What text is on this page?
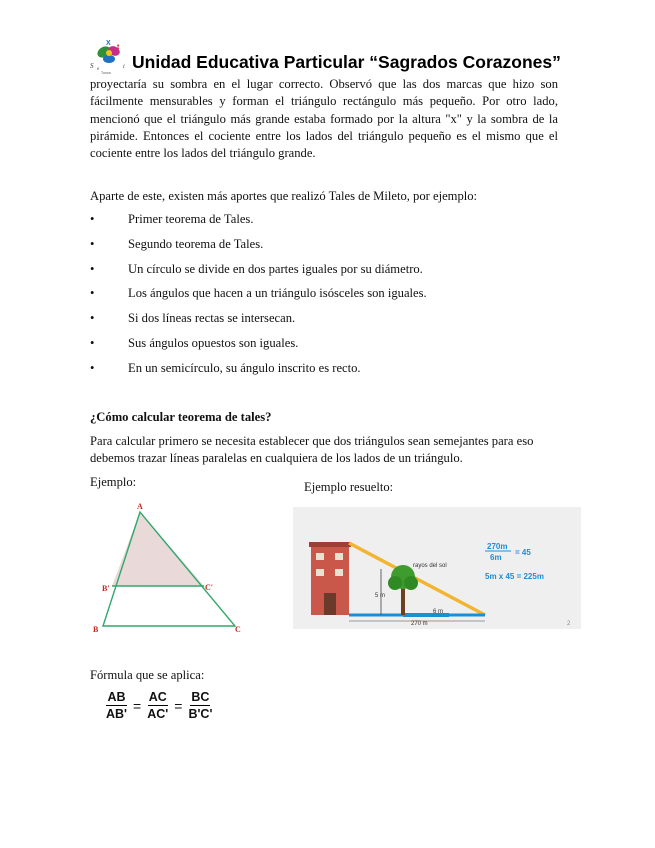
X
t
S e	i
Tunca
Unidad Educativa Particular “Sagrados Corazones”

proyectaría su sombra en el lugar correcto. Observó que las dos marcas que hizo son fácilmente mensurables y forman el triángulo rectángulo más pequeño. Por otro lado, mencionó que el triángulo más grande estaba formado por la altura "x" y la sombra de la pirámide. Entonces el cociente entre los lados del triángulo pequeño es el mismo que el cociente entre los lados del triángulo grande.

Aparte de este, existen más aportes que realizó Tales de Mileto, por ejemplo:

•	Primer teorema de Tales.
•	Segundo teorema de Tales.
•	Un círculo se divide en dos partes iguales por su diámetro.
•	Los ángulos que hacen a un triángulo isósceles son iguales.
•	Si dos líneas rectas se intersecan.
•	Sus ángulos opuestos son iguales.
•	En un semicírculo, su ángulo inscrito es recto.
¿Cómo calcular teorema de tales?

Para calcular primero se necesita establecer que dos triángulos sean semejantes para eso debemos trazar líneas paralelas en cualquiera de los lados de un triángulo.

Ejemplo:	Ejemplo resuelto:
A
B'	C'
B	C
rayos del sol
5 m
6 m
270 m
270m
6m
= 45
5m x 45 = 225m
2
Fórmula que se aplica:
$\frac{AB}{AB'} = \frac{AC}{AC'} = \frac{BC}{B'C'}$
